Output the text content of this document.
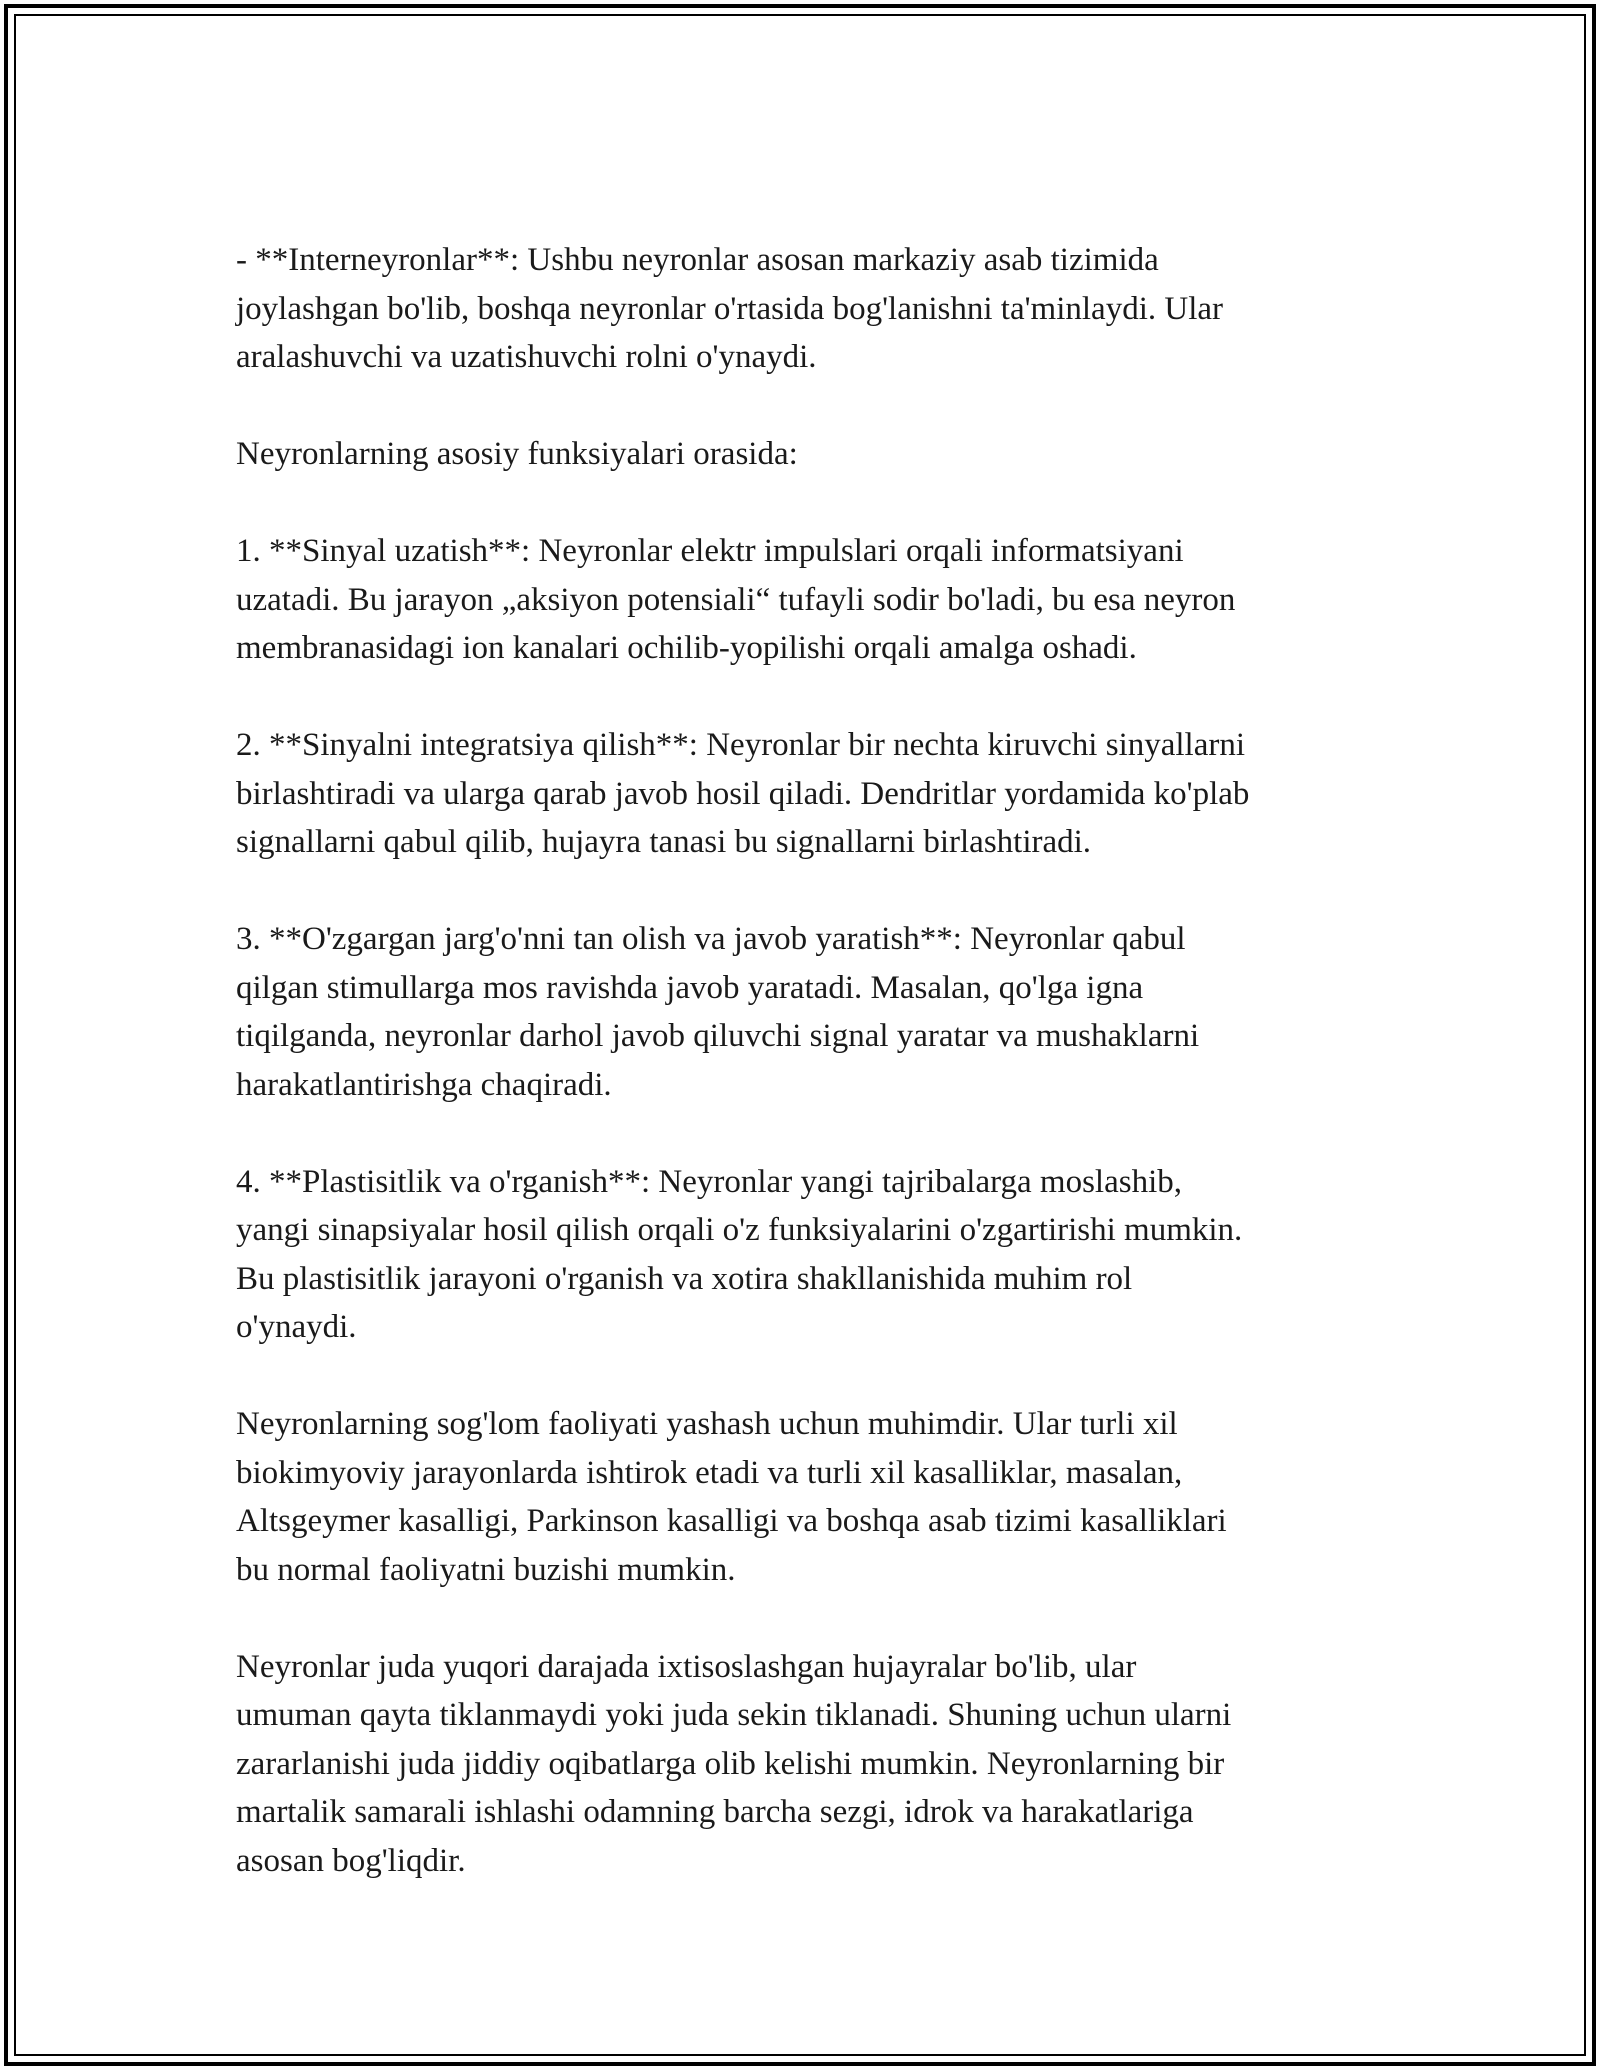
- **Interneyronlar**: Ushbu neyronlar asosan markaziy asab tizimida
joylashgan bo'lib, boshqa neyronlar o'rtasida bog'lanishni ta'minlaydi. Ular
aralashuvchi va uzatishuvchi rolni o'ynaydi.

Neyronlarning asosiy funksiyalari orasida:

1. **Sinyal uzatish**: Neyronlar elektr impulslari orqali informatsiyani
uzatadi. Bu jarayon „aksiyon potensiali“ tufayli sodir bo'ladi, bu esa neyron
membranasidagi ion kanalari ochilib-yopilishi orqali amalga oshadi.

2. **Sinyalni integratsiya qilish**: Neyronlar bir nechta kiruvchi sinyallarni
birlashtiradi va ularga qarab javob hosil qiladi. Dendritlar yordamida ko'plab
signallarni qabul qilib, hujayra tanasi bu signallarni birlashtiradi.

3. **O'zgargan jarg'o'nni tan olish va javob yaratish**: Neyronlar qabul
qilgan stimullarga mos ravishda javob yaratadi. Masalan, qo'lga igna
tiqilganda, neyronlar darhol javob qiluvchi signal yaratar va mushaklarni
harakatlantirishga chaqiradi.

4. **Plastisitlik va o'rganish**: Neyronlar yangi tajribalarga moslashib,
yangi sinapsiyalar hosil qilish orqali o'z funksiyalarini o'zgartirishi mumkin.
Bu plastisitlik jarayoni o'rganish va xotira shakllanishida muhim rol
o'ynaydi.

Neyronlarning sog'lom faoliyati yashash uchun muhimdir. Ular turli xil
biokimyoviy jarayonlarda ishtirok etadi va turli xil kasalliklar, masalan,
Altsgeymer kasalligi, Parkinson kasalligi va boshqa asab tizimi kasalliklari
bu normal faoliyatni buzishi mumkin.

Neyronlar juda yuqori darajada ixtisoslashgan hujayralar bo'lib, ular
umuman qayta tiklanmaydi yoki juda sekin tiklanadi. Shuning uchun ularni
zararlanishi juda jiddiy oqibatlarga olib kelishi mumkin. Neyronlarning bir
martalik samarali ishlashi odamning barcha sezgi, idrok va harakatlariga
asosan bog'liqdir.
